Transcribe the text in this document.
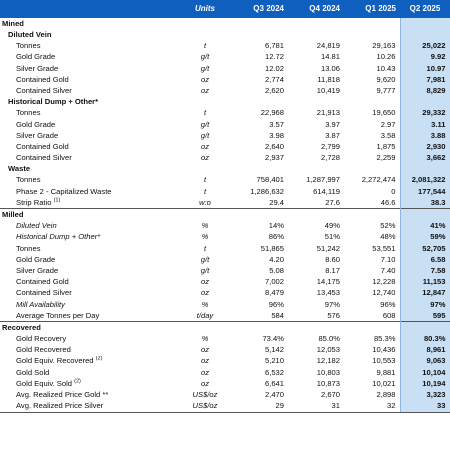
	Units	Q3 2024	Q4 2024	Q1 2025	Q2 2025
Mined					
Diluted Vein					
Tonnes	t	6,781	24,819	29,163	25,022
Gold Grade	g/t	12.72	14.81	10.26	9.92
Silver Grade	g/t	12.02	13.06	10.43	10.97
Contained Gold	oz	2,774	11,818	9,620	7,981
Contained Silver	oz	2,620	10,419	9,777	8,829
Historical Dump + Other*					
Tonnes	t	22,968	21,913	19,650	29,332
Gold Grade	g/t	3.57	3.97	2.97	3.11
Silver Grade	g/t	3.98	3.87	3.58	3.88
Contained Gold	oz	2,640	2,799	1,875	2,930
Contained Silver	oz	2,937	2,728	2,259	3,662
Waste					
Tonnes	t	758,401	1,287,997	2,272,474	2,081,322
Phase 2 - Capitalized Waste	t	1,286,632	614,119	0	177,544
Strip Ratio $^{(1)}$	w:o	29.4	27.6	46.6	38.3
Milled					
Diluted Vein	%	14%	49%	52%	41%
Historical Dump + Other*	%	86%	51%	48%	59%
Tonnes	t	51,865	51,242	53,551	52,705
Gold Grade	g/t	4.20	8.60	7.10	6.58
Silver Grade	g/t	5.08	8.17	7.40	7.58
Contained Gold	oz	7,002	14,175	12,228	11,153
Contained Silver	oz	8,479	13,453	12,740	12,847
Mill Availability	%	96%	97%	96%	97%
Average Tonnes per Day	t/day	584	576	608	595
Recovered					
Gold Recovery	%	73.4%	85.0%	85.3%	80.3%
Gold Recovered	oz	5,142	12,053	10,436	8,961
Gold Equiv. Recovered $^{(2)}$	oz	5,210	12,182	10,553	9,063
Gold Sold	oz	6,532	10,803	9,881	10,104
Gold Equiv. Sold $^{(2)}$	oz	6,641	10,873	10,021	10,194
Avg. Realized Price Gold **	US$/oz	2,470	2,670	2,898	3,323
Avg. Realized Price Silver	US$/oz	29	31	32	33
